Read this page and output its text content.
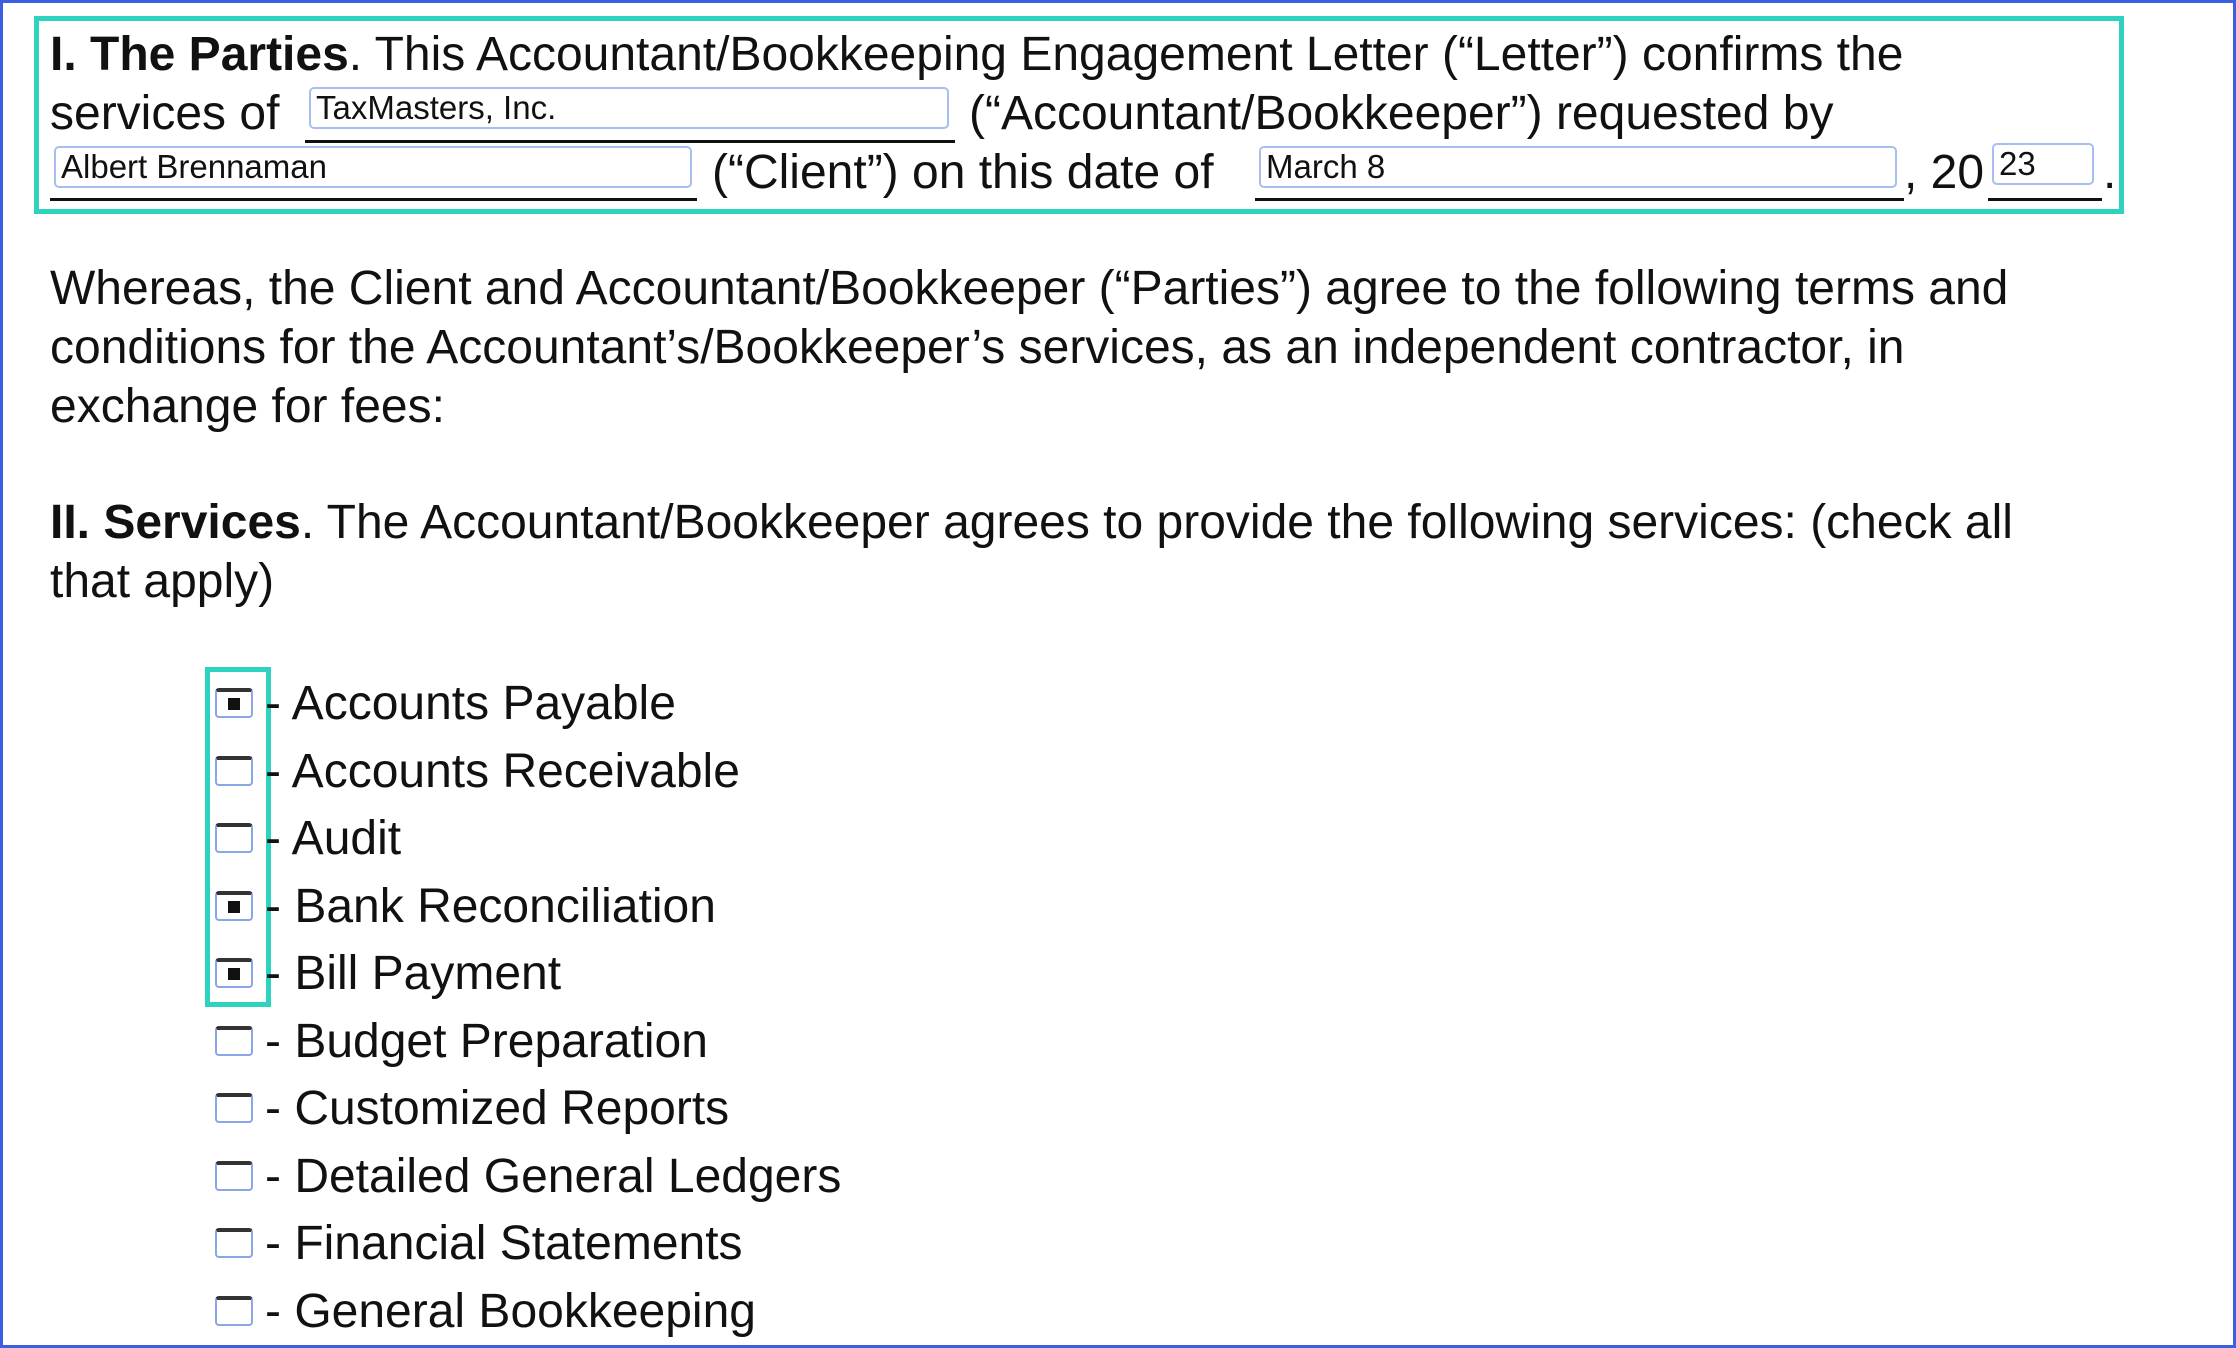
I. The Parties. This Accountant/Bookkeeping Engagement Letter (“Letter”) confirms the
services of
TaxMasters, Inc.	(“Accountant/Bookkeeper”) requested by
Albert Brennaman
(“Client”) on this date of
March 8	, 20
23 .

Whereas, the Client and Accountant/Bookkeeper (“Parties”) agree to the following terms and

conditions for the Accountant’s/Bookkeeper’s services, as an independent contractor, in

exchange for fees:

II. Services. The Accountant/Bookkeeper agrees to provide the following services: (check all

that apply)

- Accounts Payable
- Accounts Receivable
- Audit
- Bank Reconciliation
- Bill Payment
- Budget Preparation
- Customized Reports
- Detailed General Ledgers
- Financial Statements
- General Bookkeeping
